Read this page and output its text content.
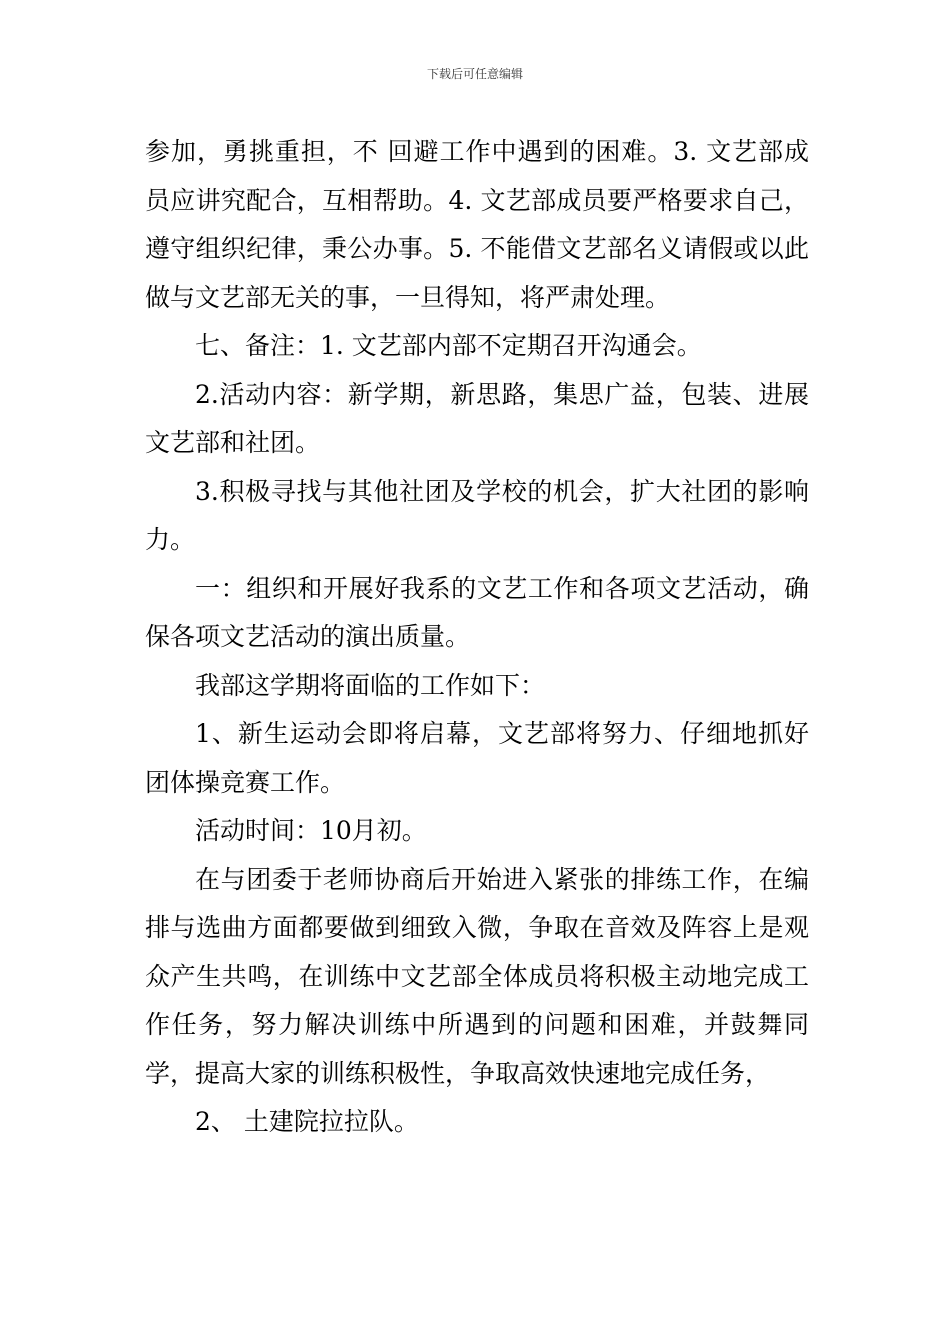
下载后可任意编辑

参加，勇挑重担，不 回避工作中遇到的困难。3. 文艺部成员应讲究配合，互相帮助。4. 文艺部成员要严格要求自己，遵守组织纪律，秉公办事。5. 不能借文艺部名义请假或以此做与文艺部无关的事，一旦得知，将严肃处理。

七、备注：1. 文艺部内部不定期召开沟通会。

2.活动内容：新学期，新思路，集思广益，包装、进展文艺部和社团。

3.积极寻找与其他社团及学校的机会，扩大社团的影响力。

一：组织和开展好我系的文艺工作和各项文艺活动，确保各项文艺活动的演出质量。

我部这学期将面临的工作如下：

1、新生运动会即将启幕，文艺部将努力、仔细地抓好团体操竞赛工作。

活动时间：10月初。

在与团委于老师协商后开始进入紧张的排练工作，在编排与选曲方面都要做到细致入微，争取在音效及阵容上是观众产生共鸣，在训练中文艺部全体成员将积极主动地完成工作任务，努力解决训练中所遇到的问题和困难，并鼓舞同学，提高大家的训练积极性，争取高效快速地完成任务，

2、 土建院拉拉队。
